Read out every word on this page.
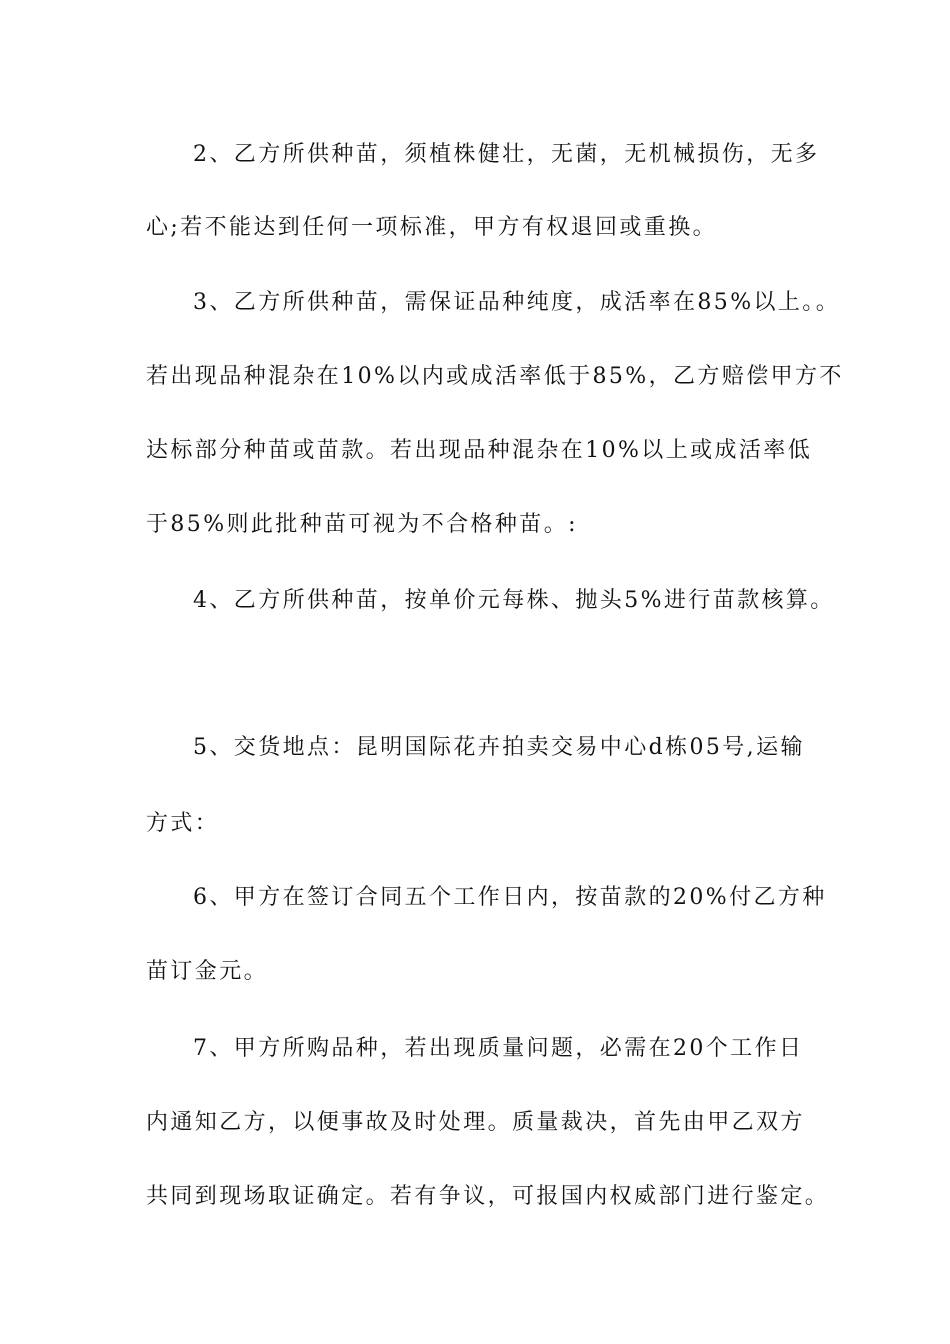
2、乙方所供种苗，须植株健壮，无菌，无机械损伤，无多
心;若不能达到任何一项标准，甲方有权退回或重换。
3、乙方所供种苗，需保证品种纯度，成活率在85%以上。。
若出现品种混杂在10%以内或成活率低于85%，乙方赔偿甲方不
达标部分种苗或苗款。若出现品种混杂在10%以上或成活率低
于85%则此批种苗可视为不合格种苗。:
4、乙方所供种苗，按单价元每株、抛头5%进行苗款核算。
5、交货地点：昆明国际花卉拍卖交易中心d栋05号,运输
方式：
6、甲方在签订合同五个工作日内，按苗款的20%付乙方种
苗订金元。
7、甲方所购品种，若出现质量问题，必需在20个工作日
内通知乙方，以便事故及时处理。质量裁决，首先由甲乙双方
共同到现场取证确定。若有争议，可报国内权威部门进行鉴定。
